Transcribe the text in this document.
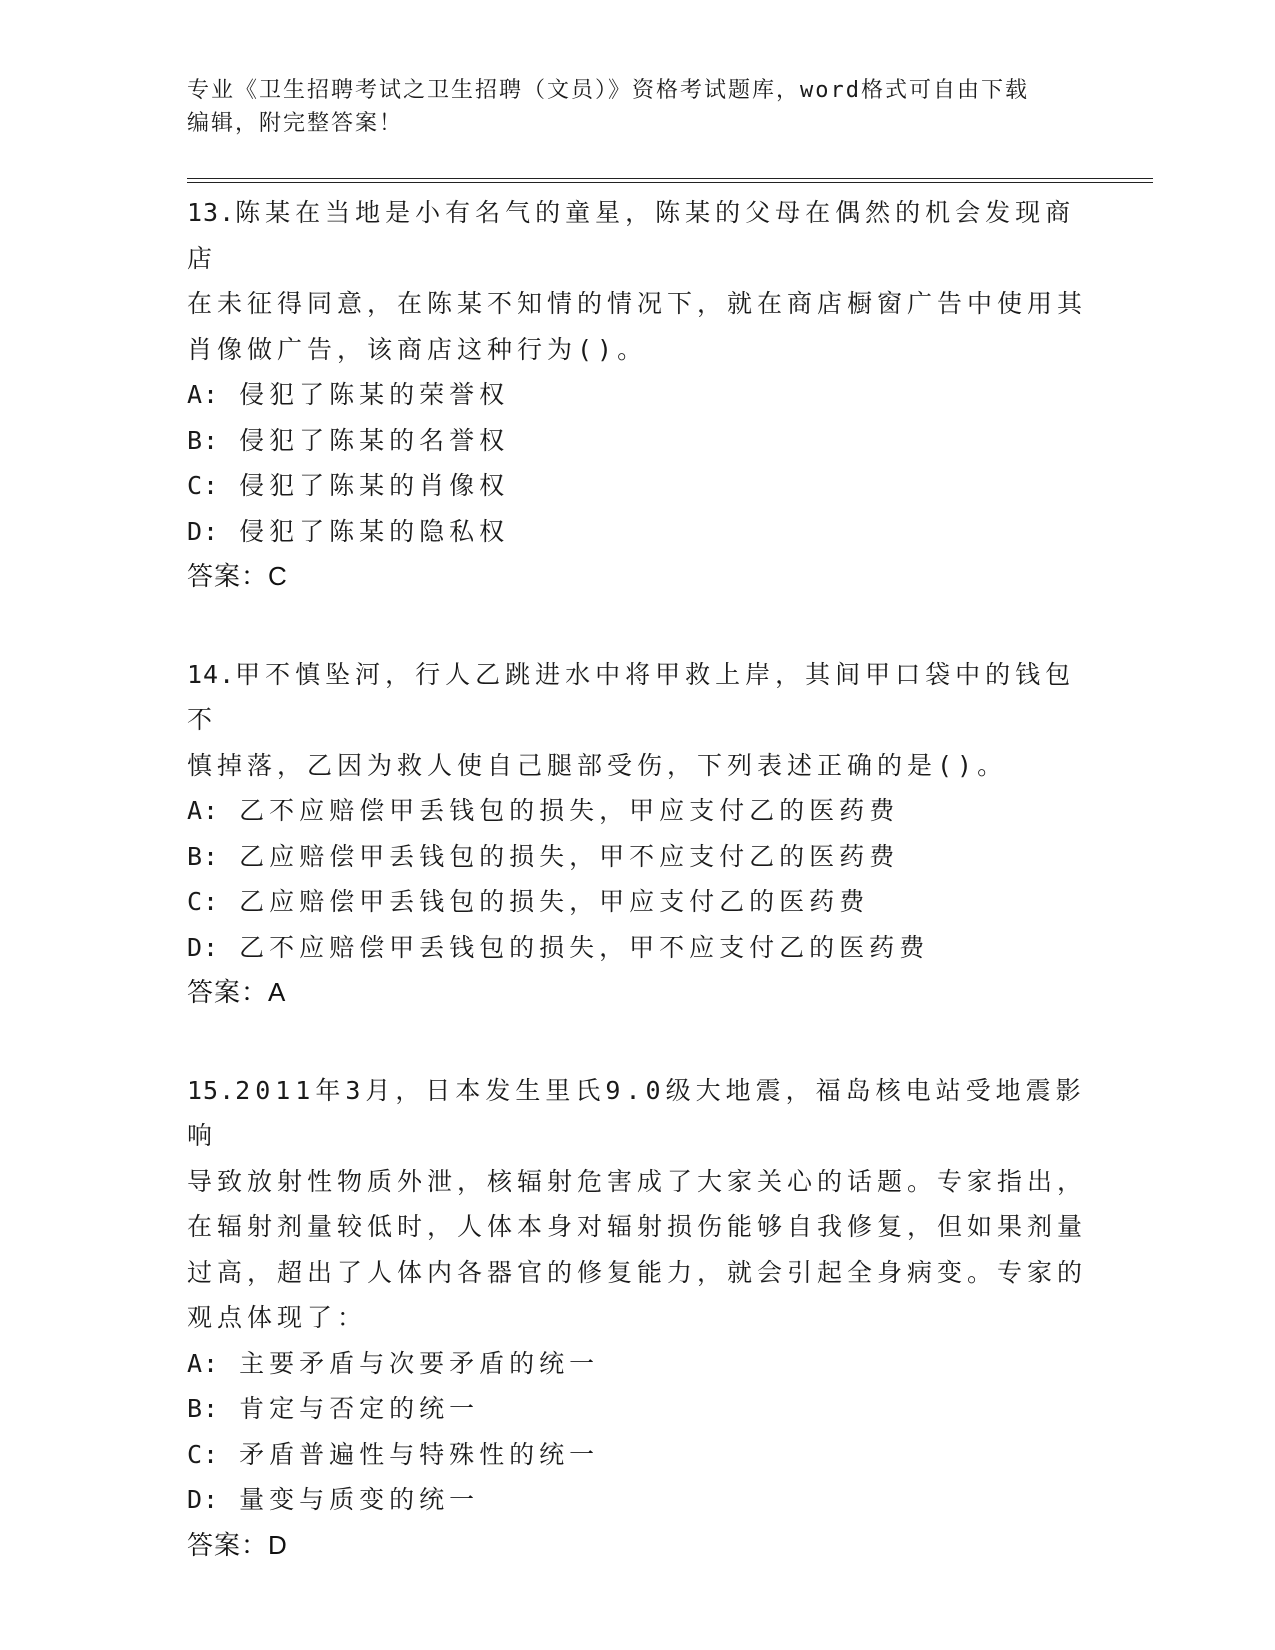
专业《卫生招聘考试之卫生招聘（文员）》资格考试题库，word格式可自由下载
编辑，附完整答案！

13.陈某在当地是小有名气的童星，陈某的父母在偶然的机会发现商店

在未征得同意，在陈某不知情的情况下，就在商店橱窗广告中使用其

肖像做广告，该商店这种行为()。

A: 侵犯了陈某的荣誉权

B: 侵犯了陈某的名誉权

C: 侵犯了陈某的肖像权

D: 侵犯了陈某的隐私权

答案：C

14.甲不慎坠河，行人乙跳进水中将甲救上岸，其间甲口袋中的钱包不

慎掉落，乙因为救人使自己腿部受伤，下列表述正确的是()。

A: 乙不应赔偿甲丢钱包的损失，甲应支付乙的医药费

B: 乙应赔偿甲丢钱包的损失，甲不应支付乙的医药费

C: 乙应赔偿甲丢钱包的损失，甲应支付乙的医药费

D: 乙不应赔偿甲丢钱包的损失，甲不应支付乙的医药费

答案：A

15.2011年3月，日本发生里氏9.0级大地震，福岛核电站受地震影响

导致放射性物质外泄，核辐射危害成了大家关心的话题。专家指出，

在辐射剂量较低时，人体本身对辐射损伤能够自我修复，但如果剂量

过高，超出了人体内各器官的修复能力，就会引起全身病变。专家的

观点体现了：

A: 主要矛盾与次要矛盾的统一

B: 肯定与否定的统一

C: 矛盾普遍性与特殊性的统一

D: 量变与质变的统一

答案：D
